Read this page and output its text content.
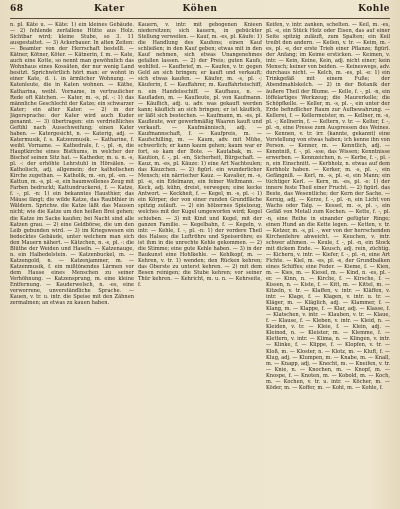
68	Kater	Köhen	Kohle

n. pl. Käte u. — Käte: 1) ein kleines Gebäude. — 2) fehlende zerfallene Hütte aus Holz. Sichtbar wird; kleine Stube, so 3. 11 ausgestattet. — 3) Ackerbauer. In alten Zeiten: — Beamter von der Herrschaft bestellt. — Kätner, Kötner, Köter. — Kätnerin, f. m. — Kate, auch eine Kotte, so nennt man gewöhnlich das Wohnhaus eines Kossäten, der nur wenig Land besitzt. Sprichwörtlich hört man: er wohnt in einer Kate, d. i. in ärmlicher Wohnung. — Katenleute, die in Katen wohnen. — Käthe, Katharina, weibl. Vorname, in vertraulicher Rede oft Kätchen. — Kater, m. -s, pl. -: 1) das männliche Geschlecht der Katze; ein schwarzer Kater; ein alter Kater. — 2) in der Jägersprache: der Kater wird auch Kuder genannt. — 3) übertragen: ein verdrießliches Gefühl nach Ausschweifung; einen Kater haben. — Katergesicht, n. — Katerig, adj. — Katermusik, f. s. Katzenmusik. — Katharine, f. weibl. Vorname. — Kathedrale, f. -, pl. -n, die Hauptkirche eines Bisthums, in welcher der Bischof seinen Sitz hat. — Katheder, m. u. n. -s, pl. -: der erhöhte Lehrstuhl in Hörsälen. — Katholisch, adj. allgemein; der katholischen Kirche zugethan. — Katholik, m. -en, pl. -en. — Kattun, m. -s, pl. -e, ein baumwollenes Zeug mit Farben bedruckt; Kattundruckerei, f. — Katze, f. -, pl. -n: 1) ein bekanntes Hausthier, das Mäuse fängt; die wilde Katze, das Raubthier in Wäldern. Sprichw. die Katze läßt das Mausen nicht; wie die Katze um den heißen Brei gehen; die Katze im Sacke kaufen; bei Nacht sind alle Katzen grau. — 2) eine Geldbörse, die um den Leib gebunden wird. — 3) im Kriegswesen ein bedecktes Gebäude, unter welchem man sich den Mauern nähert. — Kätzchen, n. -s, pl. -: die Blüthe der Weiden und Haseln. — Katzenauge, n. ein Halbedelstein. — Katzenbuckel, m. — Katzengold, n. — Katzenjammer, m. — Katzenmusik, f. ein mißtönendes Lärmen vor dem Hause eines Menschen zu seiner Verhöhnung. — Katzensprung, m. eine kleine Entfernung. — Kauderwelsch, n. -es, eine verworrene, unverständliche Sprache. — Kauen, v. tr. u. intr. die Speise mit den Zähnen zermalmen; an etwas zu kauen haben.

Kauern, v. intr. mit gebogenen Knieen niedersitzen; sich kauern, in gebückter Stellung verweilen. — Kauf, m. -es, pl. Käufe: 1) die Handlung des Kaufens; einen Kauf schließen; in den Kauf geben; etwas mit in den Kauf nehmen, sich etwas Unangenehmes gefallen lassen. — 2) der Preis; guten Kaufs, wohlfeil. — Kaufbrief, m. — Kaufen, v. tr. gegen Geld an sich bringen; er kauft und verkauft; sich etwas kaufen. — Käufer, m. -s, pl. -; Käuferin, f. — Kauffahrer, m. Kauffahrteischiff, n. ein Handelsschiff. — Kaufhaus, n. — Kaufladen, m. — Kaufleute, pl. von Kaufmann. — Käuflich, adj. u. adv. was gekauft werden kann; käuflich an sich bringen; er ist käuflich, er läßt sich bestechen. — Kaufmann, m. -es, pl. Kaufleute, wer gewerbmäßig Waaren kauft und verkauft. — Kaufmännisch, adj. — Kaufmannschaft, f. — Kaufpreis, m. — Kaufschilling, m. — Kaum, adv. mit Mühe, schwerlich; er kann kaum gehen; kaum war er fort, so kam der Bote. — Kautabak, m. — Kaution, f. -, pl. -en, Sicherheit, Bürgschaft. — Kauz, m. -es, pl. Käuze: 1) eine Art Nachteulen; das Käuzchen. — 2) figürl. ein wunderlicher Mensch; ein närrischer Kauz. — Kavalier, m. -s, pl. -e, ein Edelmann, ein feiner Weltmann. — Keck, adj. kühn, dreist, verwegen; eine kecke Antwort. — Keckheit, f. — Kegel, m. -s, pl. -: 1) ein Körper, der von einer runden Grundfläche spitzig zuläuft. — 2) ein hölzernes Spielzeug, welches mit der Kugel umgeworfen wird; Kegel schieben. — 3) mit Kind und Kegel, mit der ganzen Familie. — Kegelbahn, f. — Kegeln, v. intr. — Kehle, f. -, pl. -n: 1) der vordere Theil des Halses; die Luftröhre und Speiseröhre; es ist ihm in die unrechte Kehle gekommen. — 2) die Stimme; eine gute Kehle haben. — 3) in der Baukunst eine Hohlkehle. — Kehlkopf, m. — Kehren, v. tr. 1) wenden; den Rücken kehren; das Oberste zu unterst kehren. — 2) mit dem Besen reinigen; die Stube kehren; vor seiner Thür kehren. — Kehricht, m. u. n. — Kehrseite, f.

Keifen, v. intr. zanken, schelten. — Keil, m. -es, pl. -e, ein Stück Holz oder Eisen, das auf einer Seite spitzig zuläuft, zum Spalten; ein Keil treibt den andern. — Keilen, v. tr. — Keim, m. -es, pl. -e, der erste Trieb einer Pflanze; figürl. der Anfang; im Keime ersticken. — Keimen, v. intr. — Kein, Keine, Kein, adj. nicht einer; kein Mensch; keiner von beiden. — Keineswegs, adv. durchaus nicht. — Kelch, m. -es, pl. -e: 1) ein Trinkgefäß mit einem Fuße; der Abendmahlskelch. — 2) in der Botanik der äußere Theil der Blume. — Kelle, f. -, pl. -n, ein löffelartiges Werkzeug; die Maurerkelle; die Schöpfkelle. — Keller, m. -s, pl. -, ein unter der Erde befindlicher Raum zur Aufbewahrung. — Kellerei, f. — Kellermeister, m. — Kellner, m. -s, pl. -; Kellnerin, f. — Keltern, v. tr. — Kelter, f. -, pl. -n, eine Presse zum Auspressen des Weines. — Kennen, v. tr. irr. (kannte, gekannt) eine Vorstellung von etwas haben; ich kenne ihn von Person. — Kenner, m. — Kenntlich, adj. — Kenntniß, f. -, pl. -sse, das Wissen; Kenntnisse erwerben. — Kennzeichen, n. — Kerbe, f. -, pl. -n, ein Einschnitt. — Kerbholz, n. etwas auf dem Kerbholz haben. — Kerker, m. -s, pl. -, ein Gefängniß. — Kerl, m. -s, pl. -e, ein Mann; ein tüchtiger Kerl. — Kern, m. -es, pl. -e: 1) der innere feste Theil einer Frucht. — 2) figürl. das Beste, das Wesentliche; der Kern der Sache. — Kernig, adj. — Kerze, f. -, pl. -n, ein Licht von Wachs oder Talg. — Kessel, m. -s, pl. -, ein Gefäß von Metall zum Kochen. — Kette, f. -, pl. -n, eine Reihe in einander gefügter Ringe; einen Hund an die Kette legen. — Ketten, v. tr. — Ketzer, m. -s, pl. -, wer von der herrschenden Kirchenlehre abweicht. — Keuchen, v. intr. schwer athmen. — Keule, f. -, pl. -n, ein Stock mit dickem Ende. — Keusch, adj. rein, züchtig. — Kichern, v. intr. — Kiefer, f. -, pl. -n, eine Art Fichte. — Kiel, m. -es, pl. -e, der Grundbalken eines Schiffes; eine Feder. — Kieme, f. — Kien, m. — Kies, m. — Kiesel, m. — Kind, n. -es, pl. -er. — Kinn, n. — Kirche, f. — Kirsche, f. — Kissen, n. — Kiste, f. — Kitt, m. — Kittel, m. — Kitzeln, v. tr. — Klaffen, v. intr. — Kläffen, v. intr. — Klage, f. — Klagen, v. intr. u. tr. — Kläger, m. — Kläglich, adj. — Klammer, f. — Klang, m. — Klappe, f. — Klar, adj. — Klasse, f. — Klatschen, v. intr. — Klauben, v. tr. — Klaue, f. — Klause, f. — Kleben, v. intr. — Kleid, n. — Kleiden, v. tr. — Kleie, f. — Klein, adj. — Kleinod, n. — Kleister, m. — Klemme, f. — Klettern, v. intr. — Klima, n. — Klingen, v. intr. — Klinke, f. — Klippe, f. — Klopfen, v. tr. — Kloß, m. — Kloster, n. — Klotz, m. — Kluft, f. — Klug, adj. — Klumpen, m. — Knabe, m. — Knall, m. — Knapp, adj. — Knecht, m. — Kneifen, v. tr. — Knie, n. — Knochen, m. — Knopf, m. — Knospe, f. — Knoten, m. — Kobold, m. — Koch, m. — Kochen, v. tr. u. intr. — Köcher, m. — Köder, m. — Koffer, m. — Kohl, m. — Kohle, f.
